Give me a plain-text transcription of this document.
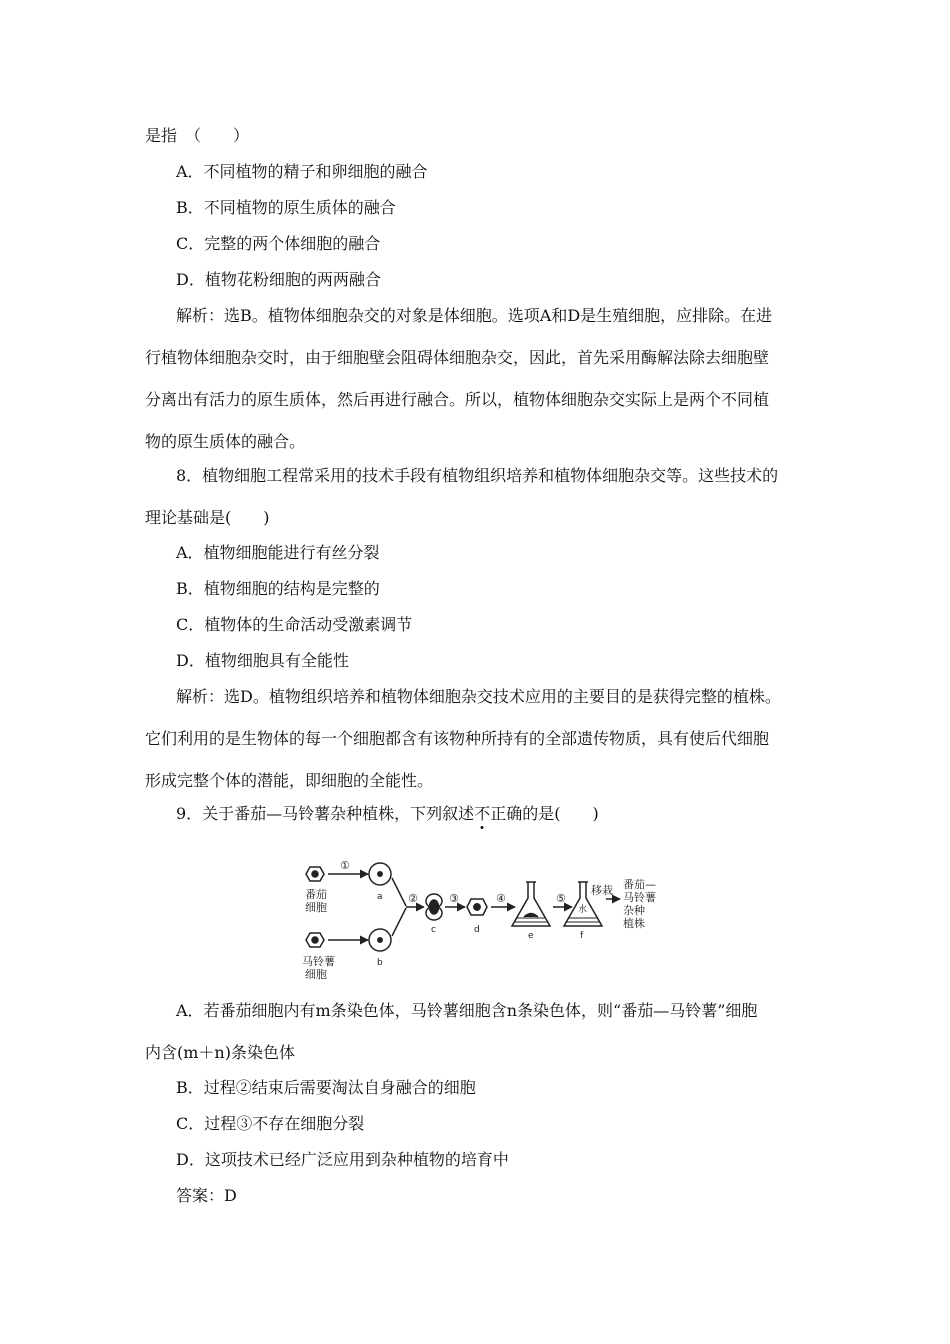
是指　（　　）
A．不同植物的精子和卵细胞的融合
B．不同植物的原生质体的融合
C．完整的两个体细胞的融合
D．植物花粉细胞的两两融合
解析：选B。植物体细胞杂交的对象是体细胞。选项A和D是生殖细胞，应排除。在进
行植物体细胞杂交时，由于细胞壁会阻碍体细胞杂交，因此，首先采用酶解法除去细胞壁
分离出有活力的原生质体，然后再进行融合。所以，植物体细胞杂交实际上是两个不同植
物的原生质体的融合。
8．植物细胞工程常采用的技术手段有植物组织培养和植物体细胞杂交等。这些技术的
理论基础是(　　)
A．植物细胞能进行有丝分裂
B．植物细胞的结构是完整的
C．植物体的生命活动受激素调节
D．植物细胞具有全能性
解析：选D。植物组织培养和植物体细胞杂交技术应用的主要目的是获得完整的植株。
它们利用的是生物体的每一个细胞都含有该物种所持有的全部遗传物质，具有使后代细胞
形成完整个体的潜能，即细胞的全能性。
9．关于番茄—马铃薯杂种植株，下列叙述不正确的是(　　)
番茄
细胞
马铃薯
细胞
①
②	③	④	⑤
a
b
c	d
e	f
水
移栽 番茄—
马铃薯
杂种
植株
A．若番茄细胞内有m条染色体，马铃薯细胞含n条染色体，则“番茄—马铃薯”细胞
内含(m＋n)条染色体
B．过程②结束后需要淘汰自身融合的细胞
C．过程③不存在细胞分裂
D．这项技术已经广泛应用到杂种植物的培育中
答案：D
